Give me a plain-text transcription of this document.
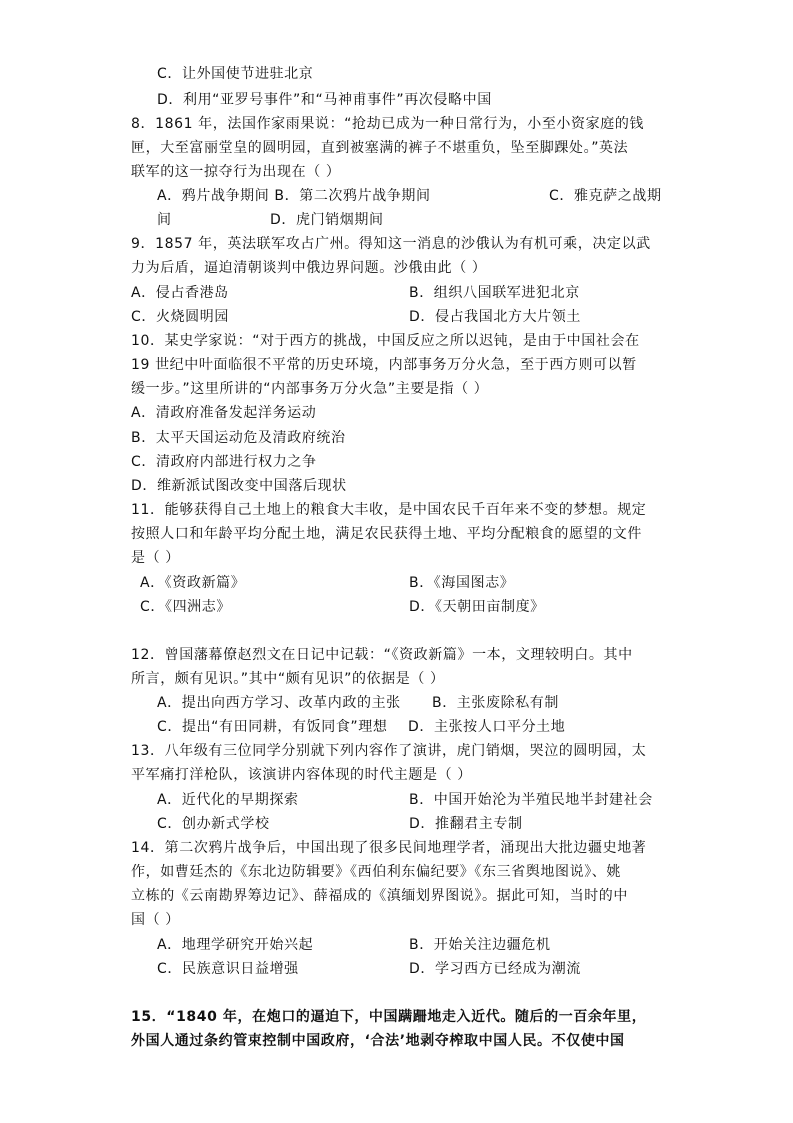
C．让外国使节进驻北京
D．利用“亚罗号事件”和“马神甫事件”再次侵略中国
8．1861 年，法国作家雨果说：“抢劫已成为一种日常行为，小至小资家庭的钱
匣，大至富丽堂皇的圆明园，直到被塞满的裤子不堪重负，坠至脚踝处。”英法
联军的这一掠夺行为出现在（ ）
A．鸦片战争期间 B．第二次鸦片战争期间	C．雅克萨之战期
间	D．虎门销烟期间
9．1857 年，英法联军攻占广州。得知这一消息的沙俄认为有机可乘，决定以武
力为后盾，逼迫清朝谈判中俄边界问题。沙俄由此（ ）
A．侵占香港岛	B．组织八国联军进犯北京
C．火烧圆明园	D．侵占我国北方大片领土
10．某史学家说：“对于西方的挑战，中国反应之所以迟钝，是由于中国社会在
19 世纪中叶面临很不平常的历史环境，内部事务万分火急，至于西方则可以暂
缓一步。”这里所讲的“内部事务万分火急”主要是指（ ）
A．清政府准备发起洋务运动
B．太平天国运动危及清政府统治
C．清政府内部进行权力之争
D．维新派试图改变中国落后现状
11．能够获得自己土地上的粮食大丰收，是中国农民千百年来不变的梦想。规定
按照人口和年龄平均分配土地，满足农民获得土地、平均分配粮食的愿望的文件
是（ ）
A．《资政新篇》	B．《海国图志》
C．《四洲志》	D．《天朝田亩制度》
12．曾国藩幕僚赵烈文在日记中记载：“《资政新篇》一本，文理较明白。其中
所言，颇有见识。”其中“颇有见识”的依据是（ ）
A．提出向西方学习、改革内政的主张 B．主张废除私有制
C．提出“有田同耕，有饭同食”理想 D．主张按人口平分土地
13．八年级有三位同学分别就下列内容作了演讲，虎门销烟，哭泣的圆明园，太
平军痛打洋枪队，该演讲内容体现的时代主题是（ ）
A．近代化的早期探索	B．中国开始沦为半殖民地半封建社会
C．创办新式学校	D．推翻君主专制
14．第二次鸦片战争后，中国出现了很多民间地理学者，涌现出大批边疆史地著
作，如曹廷杰的《东北边防辑要》《西伯利东偏纪要》《东三省舆地图说》、姚
立栋的《云南勘界筹边记》、薛福成的《滇缅划界图说》。据此可知，当时的中
国（ ）
A．地理学研究开始兴起	B．开始关注边疆危机
C．民族意识日益增强	D．学习西方已经成为潮流
15．“1840 年，在炮口的逼迫下，中国蹒跚地走入近代。随后的一百余年里，
外国人通过条约管束控制中国政府，‘合法’地剥夺榨取中国人民。不仅使中国
